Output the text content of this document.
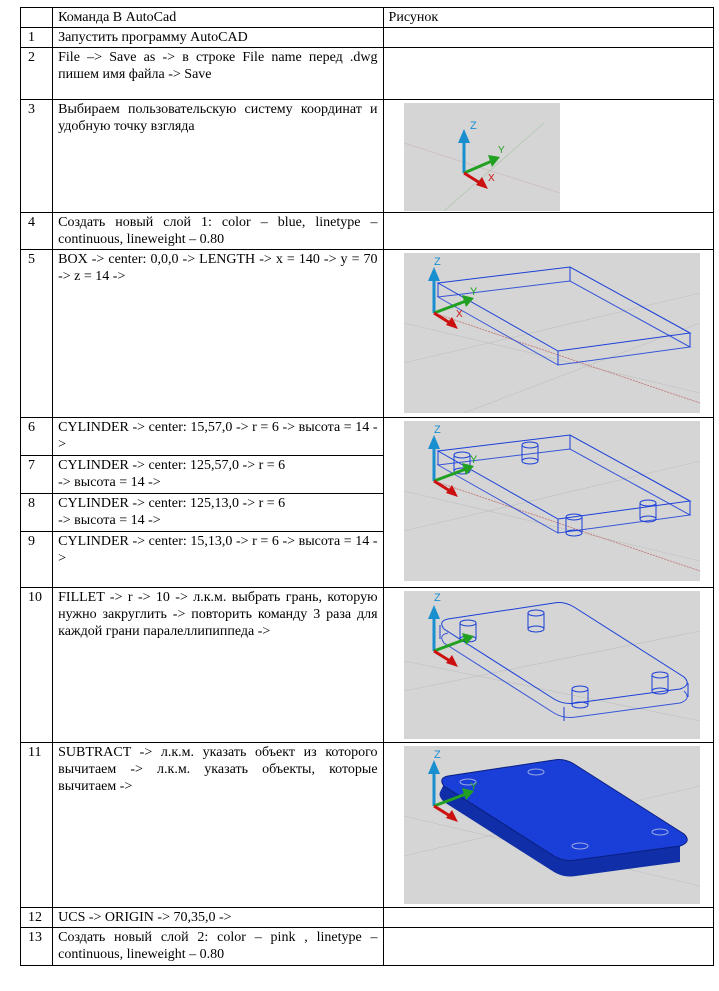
	Команда В AutoCad	Рисунок
1	Запустить программу AutoCAD	
2	File –> Save as -> в строке File name перед .dwg пишем имя файла -> Save	
3	Выбираем пользовательскую систему координат и удобную точку взгляда	Z
Y
X

4	Создать новый слой 1: color – blue, linetype – continuous, lineweight – 0.80	
5	BOX -> center: 0,0,0 -> LENGTH -> x = 140 -> y = 70 -> z = 14 ->	Z
Y
X

6	CYLINDER -> center: 15,57,0 -> r = 6 -> высота = 14 ->	Z
Y

7	CYLINDER -> center: 125,57,0 -> r = 6
-> высота = 14 ->	
8	CYLINDER -> center: 125,13,0 -> r = 6
-> высота = 14 ->	
9	CYLINDER -> center: 15,13,0 -> r = 6 -> высота = 14 ->	
10	FILLET -> r -> 10 -> л.к.м. выбрать грань, которую нужно закруглить -> повторить команду 3 раза для каждой грани паралеллипиппеда ->	Z

11	SUBTRACT -> л.к.м. указать объект из которого вычитаем -> л.к.м. указать объекты, которые вычитаем ->	Z
Y

12	UCS -> ORIGIN -> 70,35,0 ->	
13	Создать новый слой 2: color – pink , linetype – continuous, lineweight – 0.80	
